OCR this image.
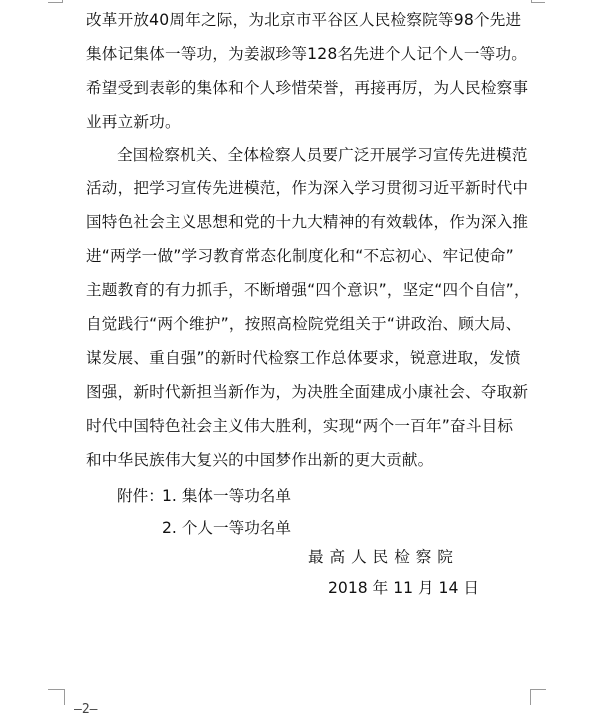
改革开放40周年之际，为北京市平谷区人民检察院等98个先进
集体记集体一等功，为姜淑珍等128名先进个人记个人一等功。
希望受到表彰的集体和个人珍惜荣誉，再接再厉，为人民检察事
业再立新功。
全国检察机关、全体检察人员要广泛开展学习宣传先进模范
活动，把学习宣传先进模范，作为深入学习贯彻习近平新时代中
国特色社会主义思想和党的十九大精神的有效载体，作为深入推
进“两学一做”学习教育常态化制度化和“不忘初心、牢记使命”
主题教育的有力抓手，不断增强“四个意识”，坚定“四个自信”，
自觉践行“两个维护”，按照高检院党组关于“讲政治、顾大局、
谋发展、重自强”的新时代检察工作总体要求，锐意进取，发愤
图强，新时代新担当新作为，为决胜全面建成小康社会、夺取新
时代中国特色社会主义伟大胜利，实现“两个一百年”奋斗目标
和中华民族伟大复兴的中国梦作出新的更大贡献。
附件：
1. 集体一等功名单
2. 个人一等功名单
最 高 人 民 检 察 院
2018 年 11 月 14 日
—2—
